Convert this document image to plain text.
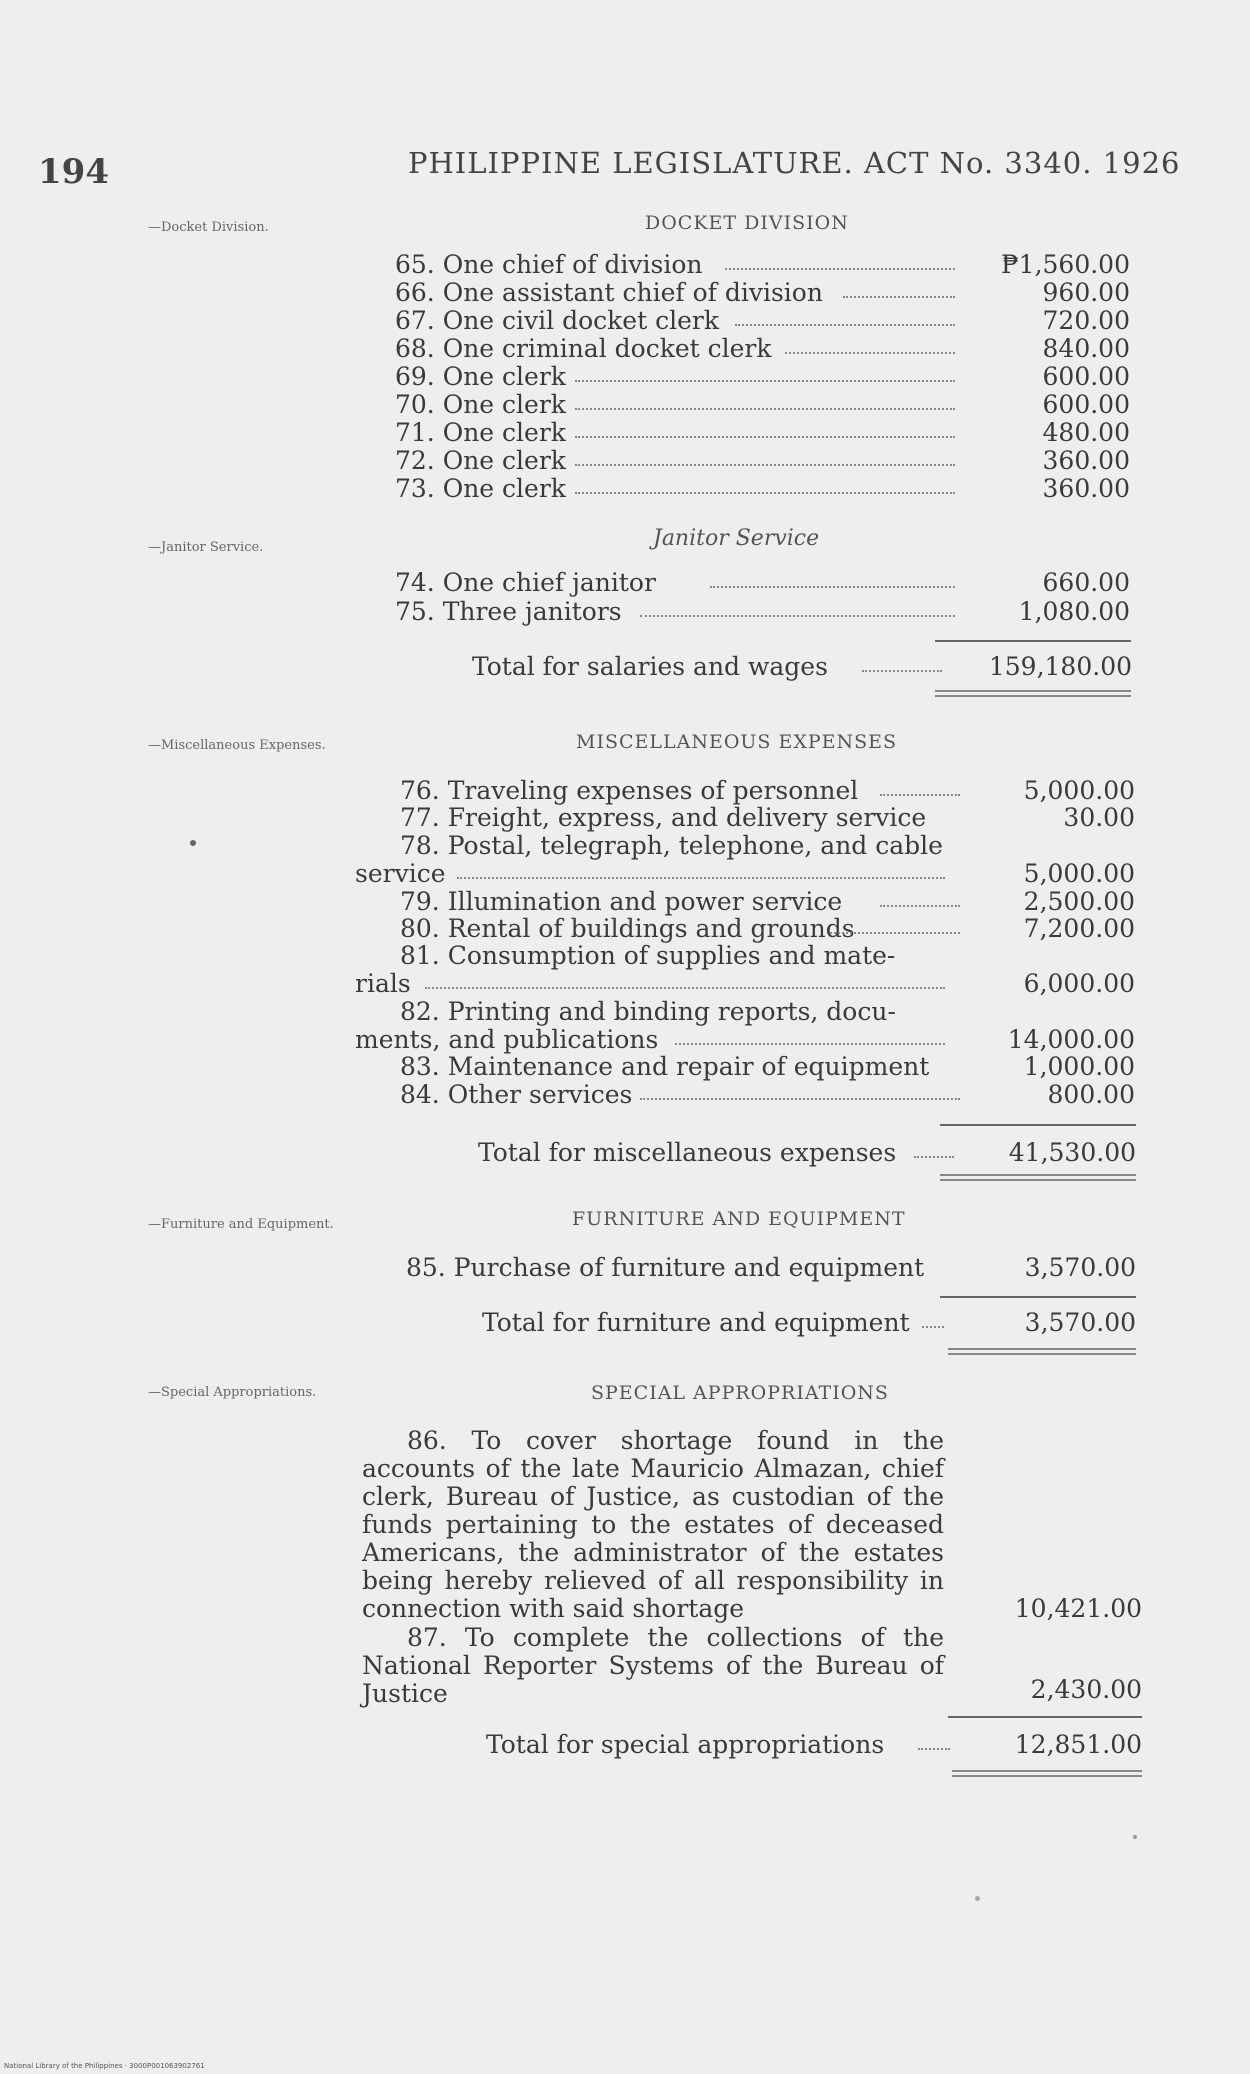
194	PHILIPPINE LEGISLATURE. ACT No. 3340. 1926
—Docket Division.
—Janitor Service.
—Miscellaneous Expenses.
—Furniture and Equipment.
—Special Appropriations.
DOCKET DIVISION
65. One chief of division	₱1,560.00
66. One assistant chief of division	960.00
67. One civil docket clerk	720.00
68. One criminal docket clerk	840.00
69. One clerk	600.00
70. One clerk	600.00
71. One clerk	480.00
72. One clerk	360.00
73. One clerk	360.00
Janitor Service
74. One chief janitor	660.00
75. Three janitors	1,080.00
Total for salaries and wages	159,180.00
MISCELLANEOUS EXPENSES
76. Traveling expenses of personnel	5,000.00
77. Freight, express, and delivery service	30.00
78. Postal, telegraph, telephone, and cable
service	5,000.00
79. Illumination and power service	2,500.00
80. Rental of buildings and grounds	7,200.00
81. Consumption of supplies and mate-
rials	6,000.00
82. Printing and binding reports, docu-
ments, and publications	14,000.00
83. Maintenance and repair of equipment	1,000.00
84. Other services	800.00
Total for miscellaneous expenses	41,530.00
FURNITURE AND EQUIPMENT
85. Purchase of furniture and equipment	3,570.00
Total for furniture and equipment	3,570.00
SPECIAL APPROPRIATIONS
86. To cover shortage found in the accounts of the late Mauricio Almazan, chief clerk, Bureau of Justice, as custodian of the funds pertaining to the estates of deceased Americans, the administrator of the estates being hereby relieved of all responsibility in connection with said shortage	10,421.00
87. To complete the collections of the National Reporter Systems of the Bureau of Justice	2,430.00
Total for special appropriations	12,851.00
National Library of the Philippines · 3000P001063902761
